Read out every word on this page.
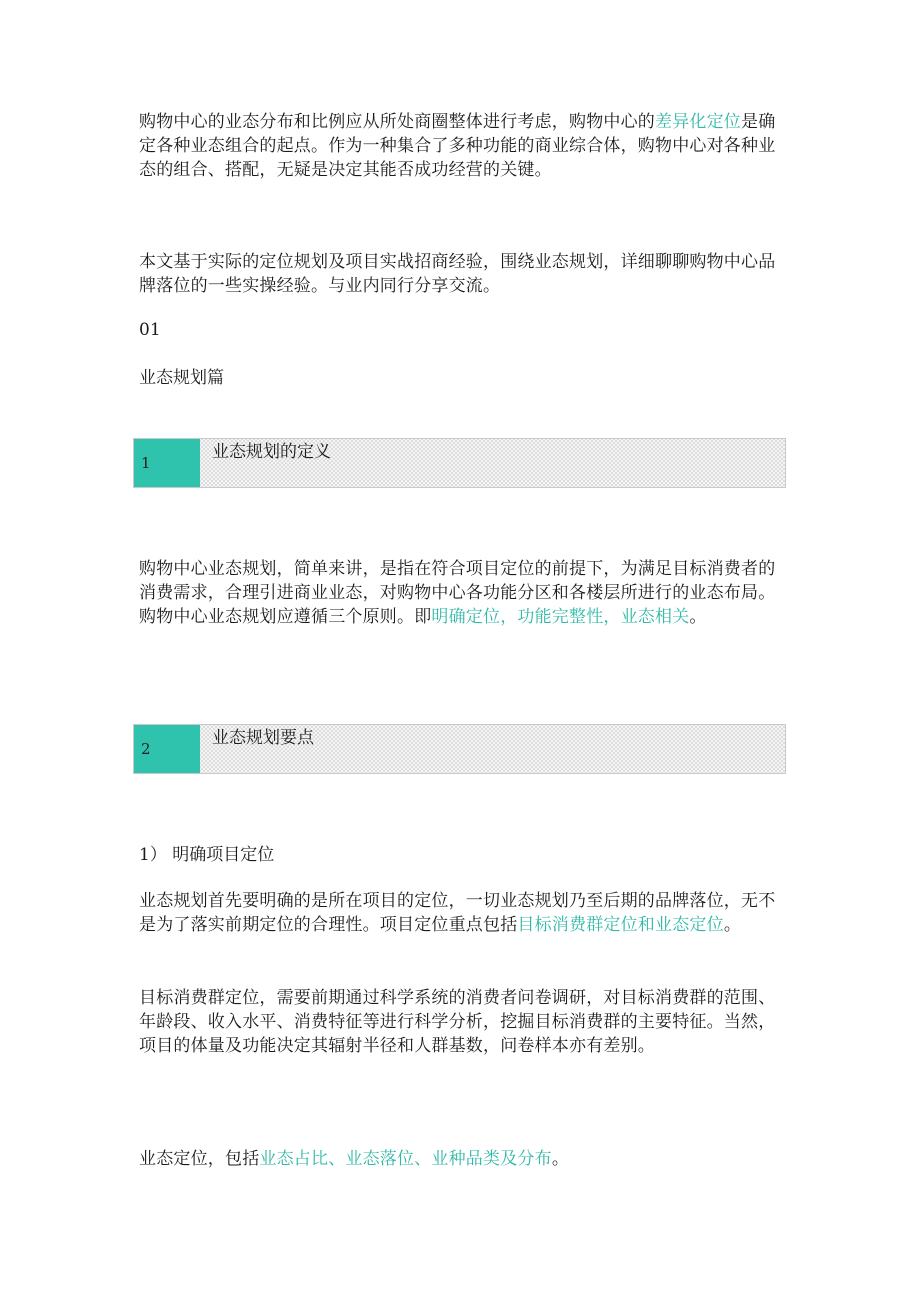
购物中心的业态分布和比例应从所处商圈整体进行考虑，购物中心的差异化定位是确定各种业态组合的起点。作为一种集合了多种功能的商业综合体，购物中心对各种业态的组合、搭配，无疑是决定其能否成功经营的关键。

本文基于实际的定位规划及项目实战招商经验，围绕业态规划，详细聊聊购物中心品牌落位的一些实操经验。与业内同行分享交流。

01

业态规划篇

1
业态规划的定义

购物中心业态规划，简单来讲，是指在符合项目定位的前提下，为满足目标消费者的消费需求，合理引进商业业态，对购物中心各功能分区和各楼层所进行的业态布局。购物中心业态规划应遵循三个原则。即明确定位，功能完整性，业态相关。

2
业态规划要点

1） 明确项目定位

业态规划首先要明确的是所在项目的定位，一切业态规划乃至后期的品牌落位，无不是为了落实前期定位的合理性。项目定位重点包括目标消费群定位和业态定位。

目标消费群定位，需要前期通过科学系统的消费者问卷调研，对目标消费群的范围、年龄段、收入水平、消费特征等进行科学分析，挖掘目标消费群的主要特征。当然，项目的体量及功能决定其辐射半径和人群基数，问卷样本亦有差别。

业态定位，包括业态占比、业态落位、业种品类及分布。
